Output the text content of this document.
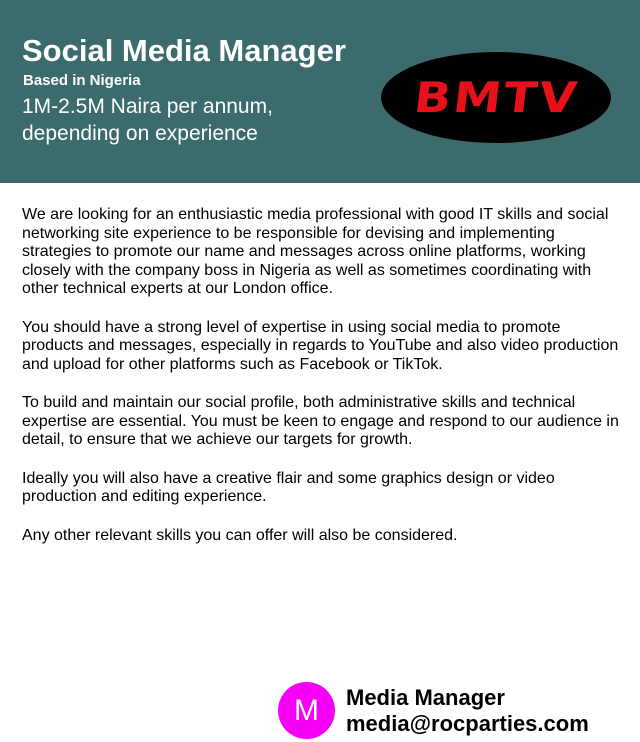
Social Media Manager
Based in Nigeria
1M-2.5M Naira per annum, depending on experience
BMTV

We are looking for an enthusiastic media professional with good IT skills and social networking site experience to be responsible for devising and implementing strategies to promote our name and messages across online platforms, working closely with the company boss in Nigeria as well as sometimes coordinating with other technical experts at our London office.

You should have a strong level of expertise in using social media to promote products and messages, especially in regards to YouTube and also video production and upload for other platforms such as Facebook or TikTok.

To build and maintain our social profile, both administrative skills and technical expertise are essential. You must be keen to engage and respond to our audience in detail, to ensure that we achieve our targets for growth.

Ideally you will also have a creative flair and some graphics design or video production and editing experience.

Any other relevant skills you can offer will also be considered.

M Media Manager
media@rocparties.com
